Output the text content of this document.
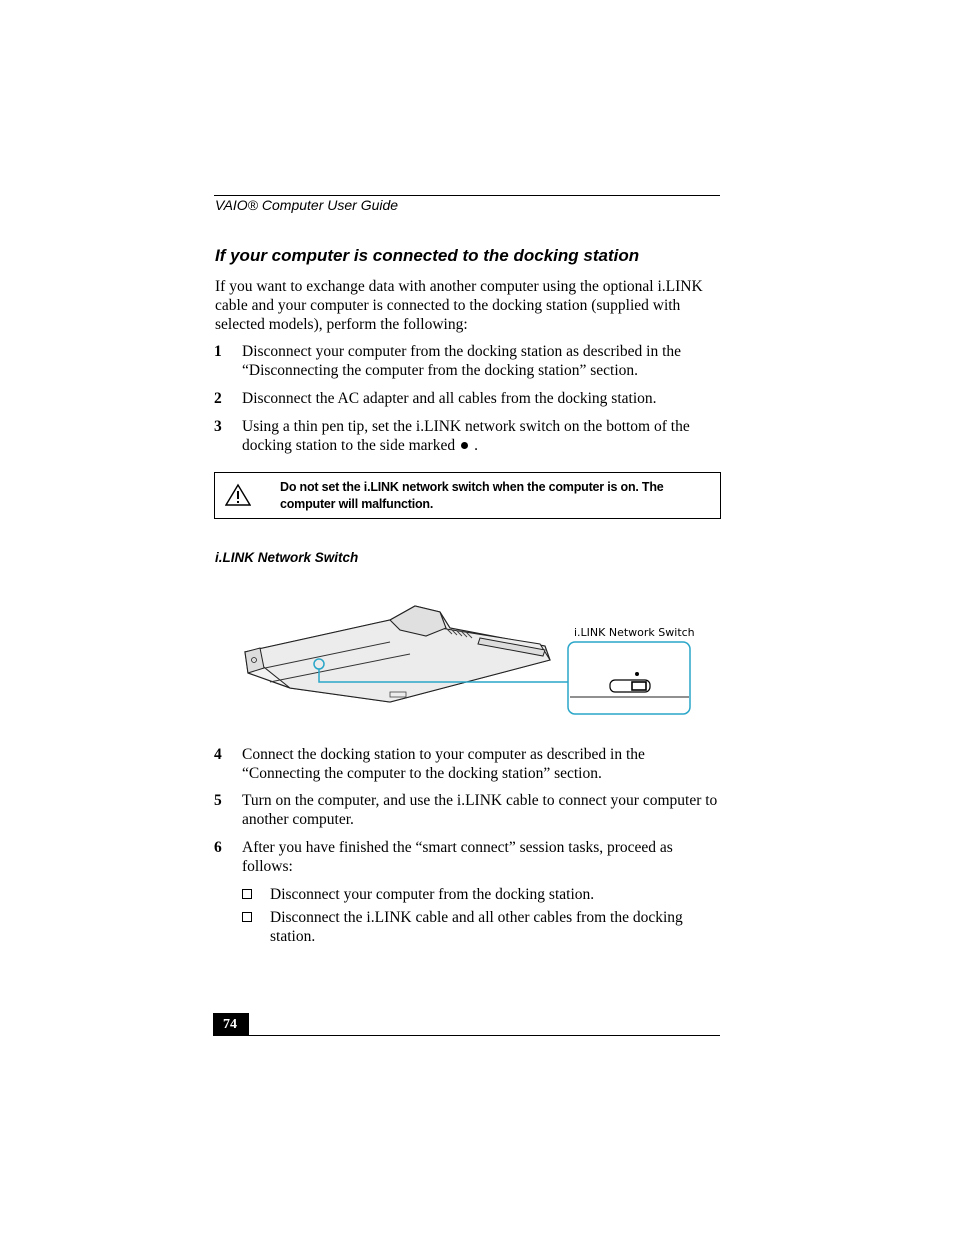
VAIO® Computer User Guide
If your computer is connected to the docking station
If you want to exchange data with another computer using the optional i.LINK cable and your computer is connected to the docking station (supplied with selected models), perform the following:
1 Disconnect your computer from the docking station as described in the “Disconnecting the computer from the docking station” section.
2 Disconnect the AC adapter and all cables from the docking station.
3 Using a thin pen tip, set the i.LINK network switch on the bottom of the docking station to the side marked .
Do not set the i.LINK network switch when the computer is on. The computer will malfunction.
i.LINK Network Switch
i.LINK Network Switch
4 Connect the docking station to your computer as described in the “Connecting the computer to the docking station” section.
5 Turn on the computer, and use the i.LINK cable to connect your computer to another computer.
6 After you have finished the “smart connect” session tasks, proceed as follows:
Disconnect your computer from the docking station.
Disconnect the i.LINK cable and all other cables from the docking station.
74
